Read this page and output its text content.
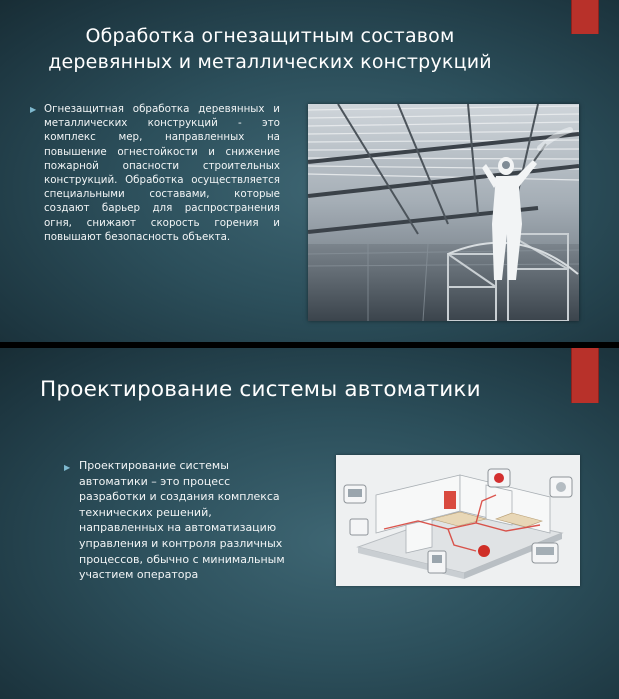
Обработка огнезащитным составом
деревянных и металлических конструкций
▶ Огнезащитная обработка деревянных и металлических конструкций - это комплекс мер, направленных на повышение огнестойкости и снижение пожарной опасности строительных конструкций. Обработка осуществляется специальными составами, которые создают барьер для распространения огня, снижают скорость горения и повышают безопасность объекта.

Проектирование системы автоматики
▶ Проектирование системы автоматики – это процесс разработки и создания комплекса технических решений, направленных на автоматизацию управления и контроля различных процессов, обычно с минимальным участием оператора
